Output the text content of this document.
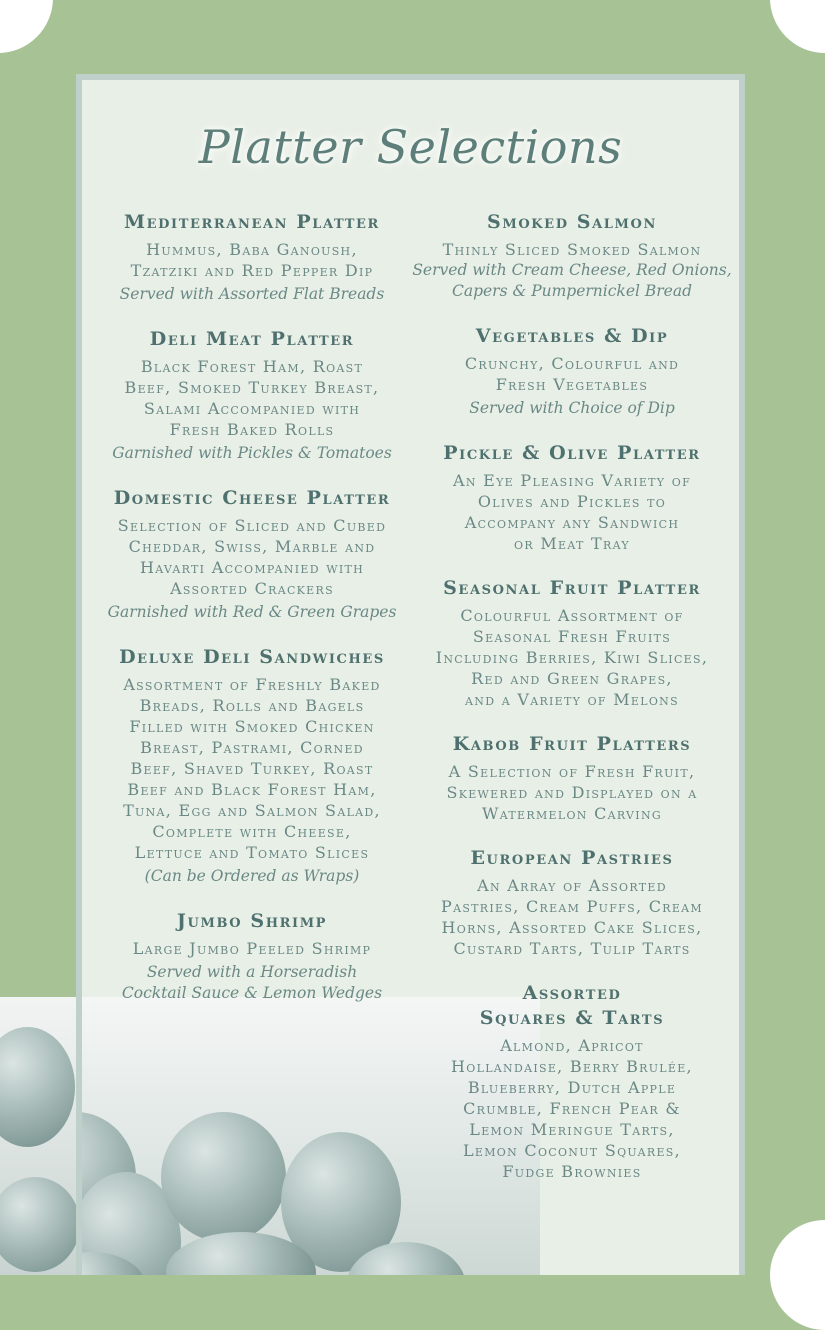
Platter Selections
Mediterranean Platter
Hummus, Baba Ganoush,
Tzatziki and Red Pepper Dip
Served with Assorted Flat Breads
Deli Meat Platter
Black Forest Ham, Roast
Beef, Smoked Turkey Breast,
Salami Accompanied with
Fresh Baked Rolls
Garnished with Pickles & Tomatoes
Domestic Cheese Platter
Selection of Sliced and Cubed
Cheddar, Swiss, Marble and
Havarti Accompanied with
Assorted Crackers
Garnished with Red & Green Grapes
Deluxe Deli Sandwiches
Assortment of Freshly Baked
Breads, Rolls and Bagels
Filled with Smoked Chicken
Breast, Pastrami, Corned
Beef, Shaved Turkey, Roast
Beef and Black Forest Ham,
Tuna, Egg and Salmon Salad,
Complete with Cheese,
Lettuce and Tomato Slices
(Can be Ordered as Wraps)
Jumbo Shrimp
Large Jumbo Peeled Shrimp
Served with a Horseradish
Cocktail Sauce & Lemon Wedges
Smoked Salmon
Thinly Sliced Smoked Salmon
Served with Cream Cheese, Red Onions,
Capers & Pumpernickel Bread
Vegetables & Dip
Crunchy, Colourful and
Fresh Vegetables
Served with Choice of Dip
Pickle & Olive Platter
An Eye Pleasing Variety of
Olives and Pickles to
Accompany any Sandwich
or Meat Tray
Seasonal Fruit Platter
Colourful Assortment of
Seasonal Fresh Fruits
Including Berries, Kiwi Slices,
Red and Green Grapes,
and a Variety of Melons
Kabob Fruit Platters
A Selection of Fresh Fruit,
Skewered and Displayed on a
Watermelon Carving
European Pastries
An Array of Assorted
Pastries, Cream Puffs, Cream
Horns, Assorted Cake Slices,
Custard Tarts, Tulip Tarts
Assorted
Squares & Tarts
Almond, Apricot
Hollandaise, Berry Brulée,
Blueberry, Dutch Apple
Crumble, French Pear &
Lemon Meringue Tarts,
Lemon Coconut Squares,
Fudge Brownies
